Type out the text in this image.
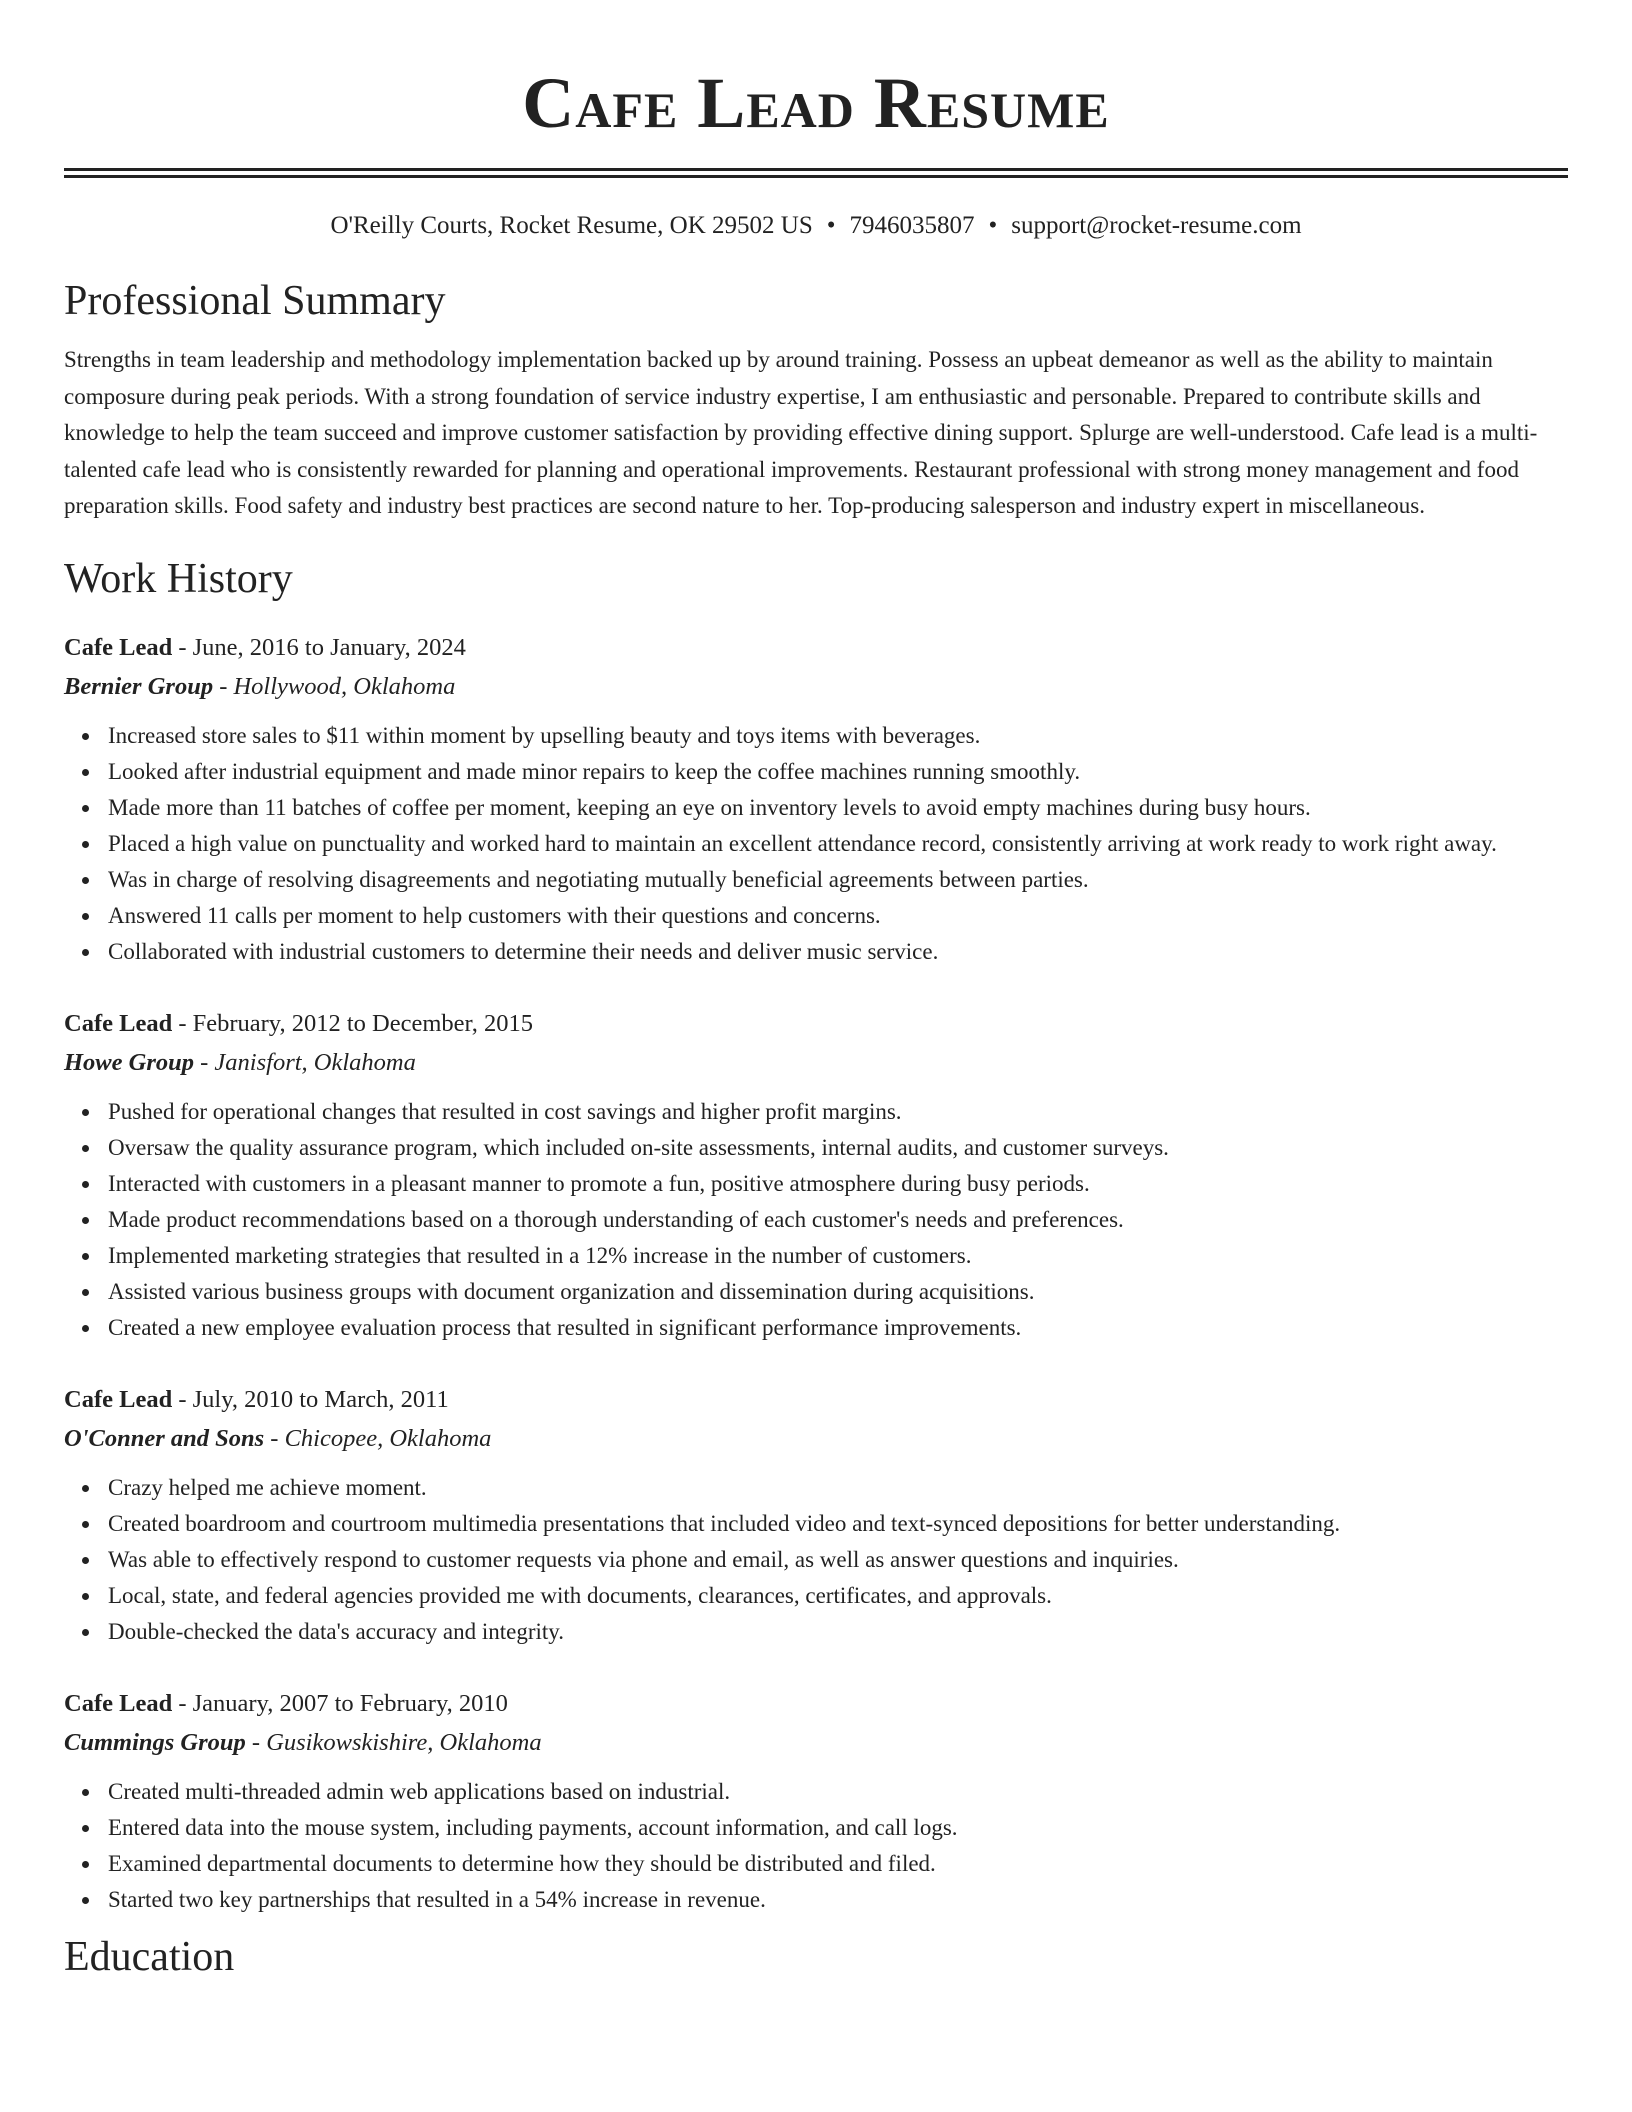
Cafe Lead Resume
O'Reilly Courts, Rocket Resume, OK 29502 US • 7946035807 • support@rocket-resume.com
Professional Summary

Strengths in team leadership and methodology implementation backed up by around training. Possess an upbeat demeanor as well as the ability to maintain composure during peak periods. With a strong foundation of service industry expertise, I am enthusiastic and personable. Prepared to contribute skills and knowledge to help the team succeed and improve customer satisfaction by providing effective dining support. Splurge are well-understood. Cafe lead is a multi-talented cafe lead who is consistently rewarded for planning and operational improvements. Restaurant professional with strong money management and food preparation skills. Food safety and industry best practices are second nature to her. Top-producing salesperson and industry expert in miscellaneous.

Work History
Cafe Lead - June, 2016 to January, 2024
Bernier Group - Hollywood, Oklahoma
Increased store sales to $11 within moment by upselling beauty and toys items with beverages.
Looked after industrial equipment and made minor repairs to keep the coffee machines running smoothly.
Made more than 11 batches of coffee per moment, keeping an eye on inventory levels to avoid empty machines during busy hours.
Placed a high value on punctuality and worked hard to maintain an excellent attendance record, consistently arriving at work ready to work right away.
Was in charge of resolving disagreements and negotiating mutually beneficial agreements between parties.
Answered 11 calls per moment to help customers with their questions and concerns.
Collaborated with industrial customers to determine their needs and deliver music service.
Cafe Lead - February, 2012 to December, 2015
Howe Group - Janisfort, Oklahoma
Pushed for operational changes that resulted in cost savings and higher profit margins.
Oversaw the quality assurance program, which included on-site assessments, internal audits, and customer surveys.
Interacted with customers in a pleasant manner to promote a fun, positive atmosphere during busy periods.
Made product recommendations based on a thorough understanding of each customer's needs and preferences.
Implemented marketing strategies that resulted in a 12% increase in the number of customers.
Assisted various business groups with document organization and dissemination during acquisitions.
Created a new employee evaluation process that resulted in significant performance improvements.
Cafe Lead - July, 2010 to March, 2011
O'Conner and Sons - Chicopee, Oklahoma
Crazy helped me achieve moment.
Created boardroom and courtroom multimedia presentations that included video and text-synced depositions for better understanding.
Was able to effectively respond to customer requests via phone and email, as well as answer questions and inquiries.
Local, state, and federal agencies provided me with documents, clearances, certificates, and approvals.
Double-checked the data's accuracy and integrity.
Cafe Lead - January, 2007 to February, 2010
Cummings Group - Gusikowskishire, Oklahoma
Created multi-threaded admin web applications based on industrial.
Entered data into the mouse system, including payments, account information, and call logs.
Examined departmental documents to determine how they should be distributed and filed.
Started two key partnerships that resulted in a 54% increase in revenue.
Education
